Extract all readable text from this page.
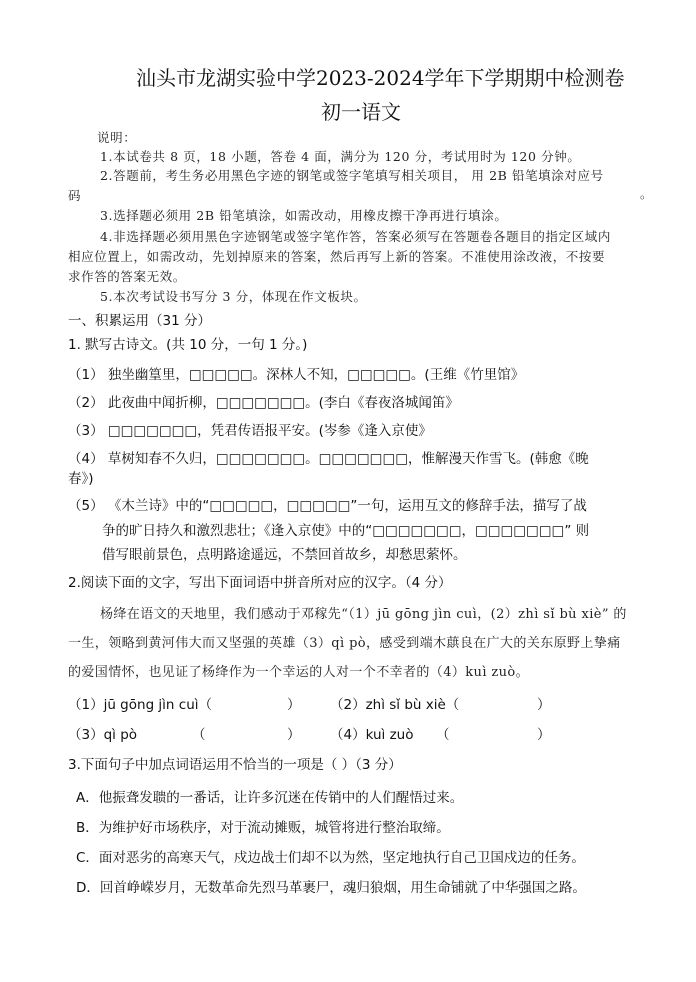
汕头市龙湖实验中学2023-2024学年下学期期中检测卷
初一语文
说明：
1.本试卷共 8 页，18 小题，答卷 4 面，满分为 120 分，考试用时为 120 分钟。
2.答题前，考生务必用黑色字迹的钢笔或签字笔填写相关项目， 用 2B 铅笔填涂对应号
码	。
3.选择题必须用 2B 铅笔填涂，如需改动，用橡皮擦干净再进行填涂。
4.非选择题必须用黑色字迹钢笔或签字笔作答，答案必须写在答题卷各题目的指定区域内
相应位置上，如需改动，先划掉原来的答案，然后再写上新的答案。不准使用涂改液，不按要
求作答的答案无效。
5.本次考试设书写分 3 分，体现在作文板块。
一、积累运用（31 分）
1. 默写古诗文。(共 10 分，一句 1 分。)
（1） 独坐幽篁里，□□□□□。深林人不知，□□□□□。(王维《竹里馆》
（2） 此夜曲中闻折柳，□□□□□□□。(李白《春夜洛城闻笛》
（3） □□□□□□□，凭君传语报平安。(岑参《逢入京使》
（4） 草树知春不久归，□□□□□□□。□□□□□□□，惟解漫天作雪飞。(韩愈《晚
春》)
（5） 《木兰诗》中的“□□□□□，□□□□□”一句，运用互文的修辞手法，描写了战
争的旷日持久和激烈悲壮；《逢入京使》中的“□□□□□□□，□□□□□□□” 则
借写眼前景色，点明路途遥远，不禁回首故乡，却愁思萦怀。
2.阅读下面的文字，写出下面词语中拼音所对应的汉字。（4 分）
杨绛在语文的天地里，我们感动于邓稼先“（1）jū gōng jìn cuì，(2）zhì sǐ bù xiè” 的
一生，领略到黄河伟大而又坚强的英雄（3）qì pò，感受到端木蕻良在广大的关东原野上挚痛
的爱国情怀，也见证了杨绛作为一个幸运的人对一个不幸者的（4）kuì zuò。
（1）jū gōng jìn cuì（	） （2）zhì sǐ bù xiè（	）
（3）qì pò	（	） （4）kuì zuò （	）
3.下面句子中加点词语运用不恰当的一项是（ ）（3 分）
A．他振聋发聩的一番话，让许多沉迷在传销中的人们醒悟过来。
B．为维护好市场秩序，对于流动摊贩，城管将进行整治取缔。
C．面对恶劣的高寒天气，戍边战士们却不以为然，坚定地执行自己卫国戍边的任务。
D．回首峥嵘岁月，无数革命先烈马革裹尸，魂归狼烟，用生命铺就了中华强国之路。
